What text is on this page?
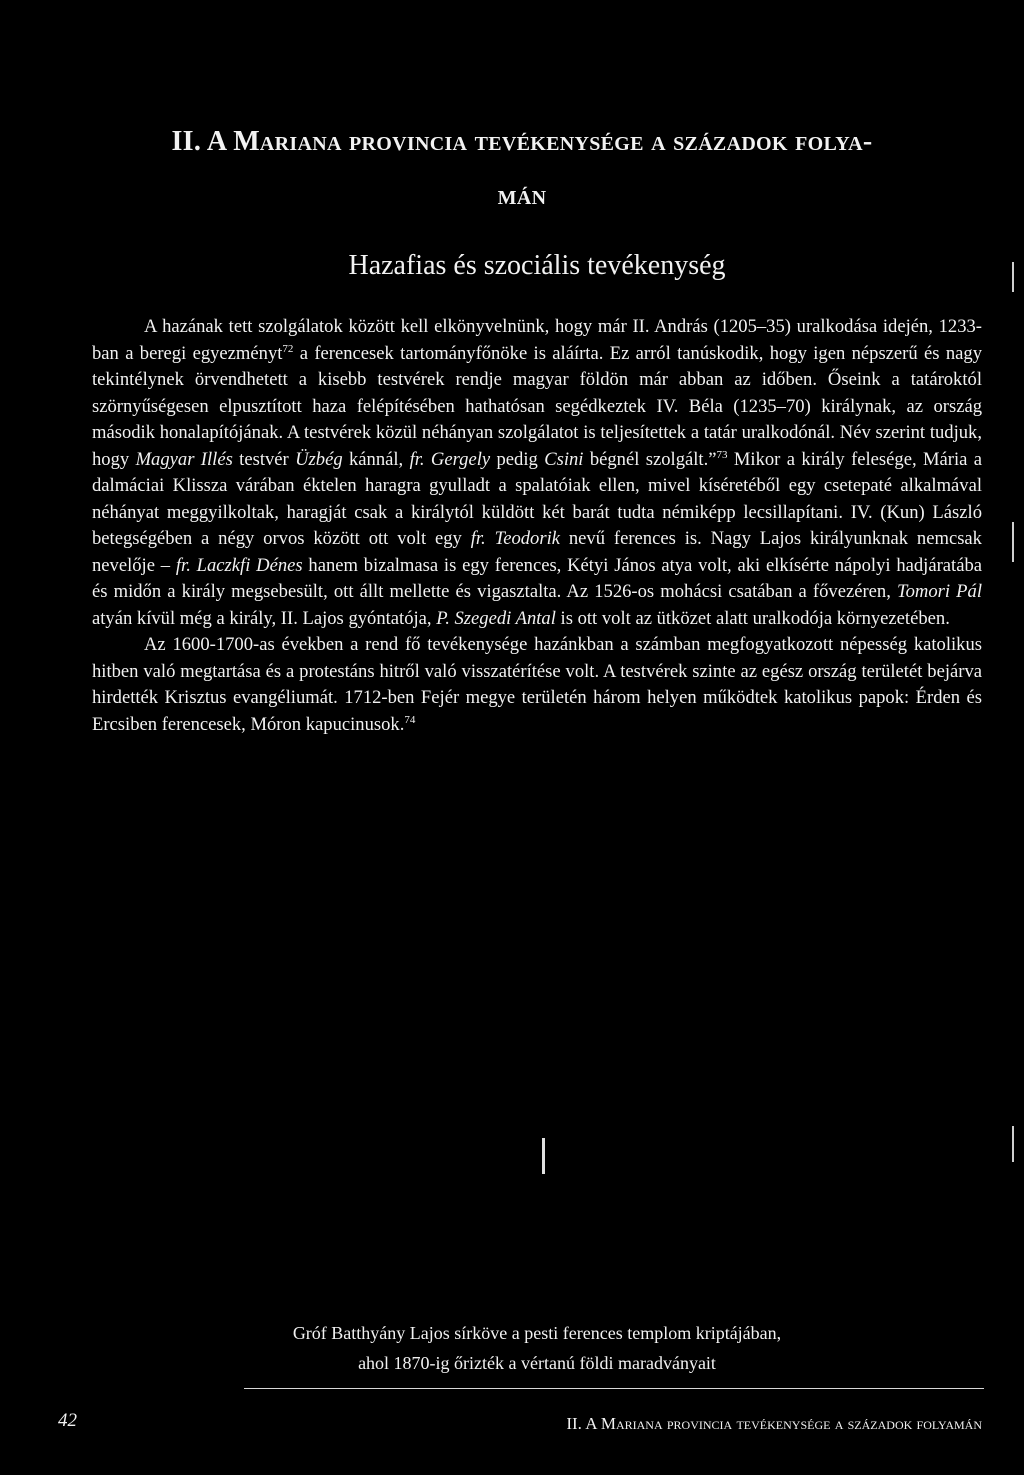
II. A Mariana provincia tevékenysége a századok folya-
mán
Hazafias és szociális tevékenység

A hazának tett szolgálatok között kell elkönyvelnünk, hogy már II. András (1205–35) uralkodása idején, 1233-ban a beregi egyezményt$^{72}$ a ferencesek tartományfőnöke is aláírta. Ez arról tanúskodik, hogy igen népszerű és nagy tekintélynek örvendhetett a kisebb testvérek rendje magyar földön már abban az időben. Őseink a tatároktól szörnyűségesen elpusztított haza felépítésében hathatósan segédkeztek IV. Béla (1235–70) királynak, az ország második honalapítójának. A testvérek közül néhányan szolgálatot is teljesítettek a tatár uralkodónál. Név szerint tudjuk, hogy Magyar Illés testvér Üzbég kánnál, fr. Gergely pedig Csini bégnél szolgált.”$^{73}$ Mikor a király felesége, Mária a dalmáciai Klissza várában éktelen haragra gyulladt a spalatóiak ellen, mivel kíséretéből egy csetepaté alkalmával néhányat meggyilkoltak, haragját csak a királytól küldött két barát tudta némiképp lecsillapítani. IV. (Kun) László betegségében a négy orvos között ott volt egy fr. Teodorik nevű ferences is. Nagy Lajos királyunknak nemcsak nevelője – fr. Laczkfi Dénes hanem bizalmasa is egy ferences, Kétyi János atya volt, aki elkísérte nápolyi hadjáratába és midőn a király megsebesült, ott állt mellette és vigasztalta. Az 1526-os mohácsi csatában a fővezéren, Tomori Pál atyán kívül még a király, II. Lajos gyóntatója, P. Szegedi Antal is ott volt az ütközet alatt uralkodója környezetében.

Az 1600-1700-as években a rend fő tevékenysége hazánkban a számban megfogyatkozott népesség katolikus hitben való megtartása és a protestáns hitről való visszatérítése volt. A testvérek szinte az egész ország területét bejárva hirdették Krisztus evangéliumát. 1712-ben Fejér megye területén három helyen működtek katolikus papok: Érden és Ercsiben ferencesek, Móron kapucinusok.$^{74}$

Gróf Batthyány Lajos sírköve a pesti ferences templom kriptájában,
ahol 1870-ig őrizték a vértanú földi maradványait
42	II. A Mariana provincia tevékenysége a századok folyamán
